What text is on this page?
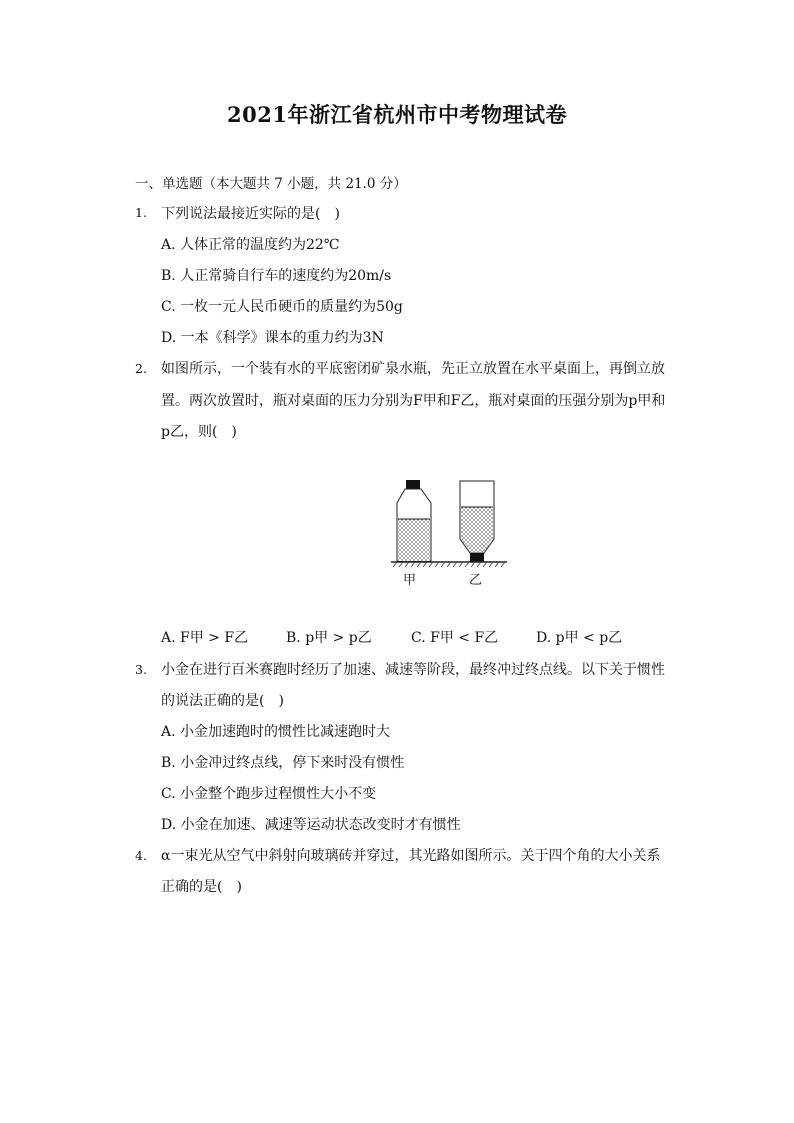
2021年浙江省杭州市中考物理试卷
一、单选题（本大题共 7 小题，共 21.0 分）
1. 下列说法最接近实际的是(　)
A. 人体正常的温度约为22℃
B. 人正常骑自行车的速度约为20m/s
C. 一枚一元人民币硬币的质量约为50g
D. 一本《科学》课本的重力约为3N
2. 如图所示，一个装有水的平底密闭矿泉水瓶，先正立放置在水平桌面上，再倒立放
置。两次放置时，瓶对桌面的压力分别为F甲和F乙，瓶对桌面的压强分别为p甲和
p乙，则(　)
甲	乙
A. F甲 > F乙	B. p甲 > p乙	C. F甲 < F乙	D. p甲 < p乙
3. 小金在进行百米赛跑时经历了加速、减速等阶段，最终冲过终点线。以下关于惯性
的说法正确的是(　)
A. 小金加速跑时的惯性比减速跑时大
B. 小金冲过终点线，停下来时没有惯性
C. 小金整个跑步过程惯性大小不变
D. 小金在加速、减速等运动状态改变时才有惯性
4. α一束光从空气中斜射向玻璃砖并穿过，其光路如图所示。关于四个角的大小关系
正确的是(　)
